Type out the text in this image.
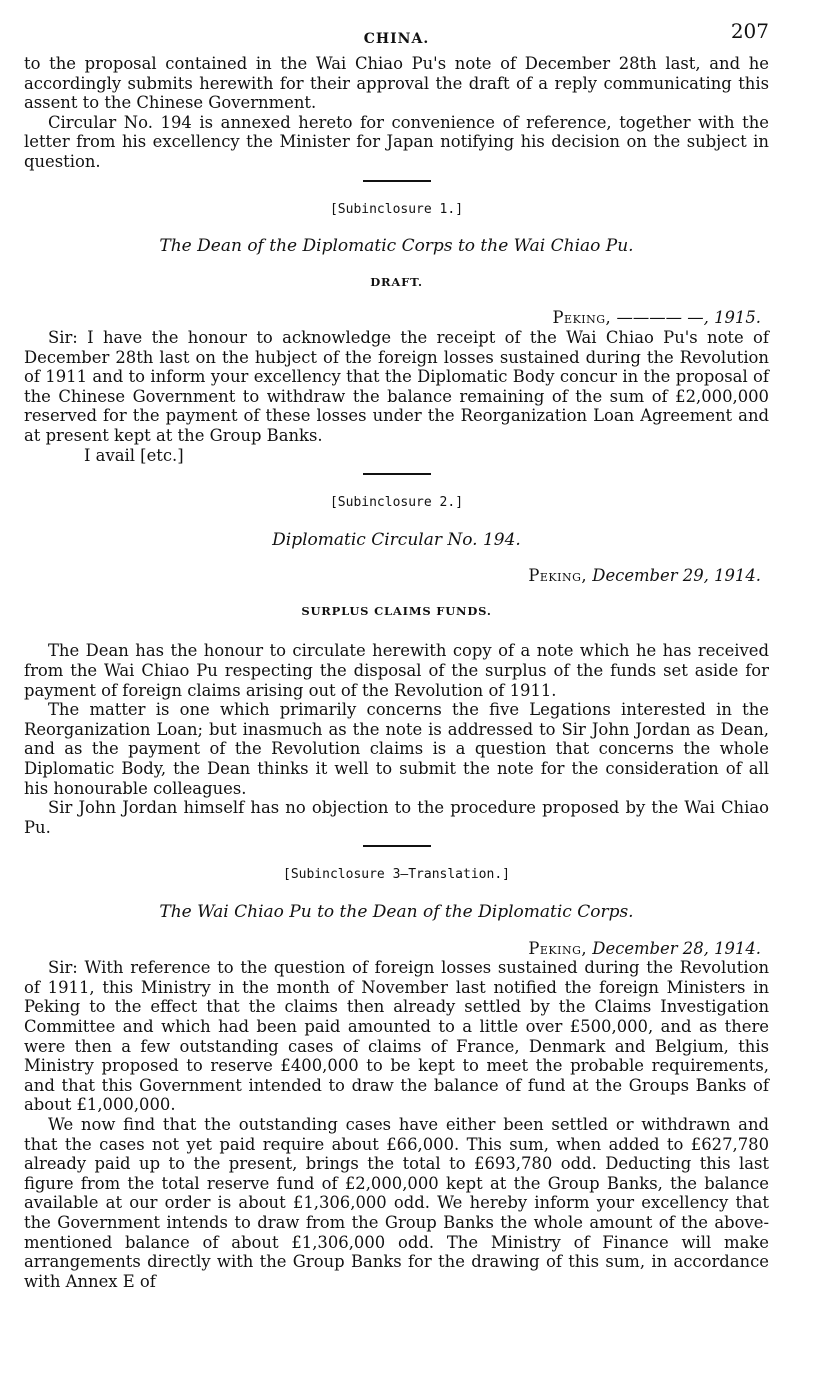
CHINA.	207

to the proposal contained in the Wai Chiao Pu's note of December 28th last, and he accordingly submits herewith for their approval the draft of a reply communicating this assent to the Chinese Government.

Circular No. 194 is annexed hereto for convenience of reference, together with the letter from his excellency the Minister for Japan notifying his decision on the subject in question.

[Subinclosure 1.]
The Dean of the Diplomatic Corps to the Wai Chiao Pu.
DRAFT.
Peking, ———— —, 1915.

Sir: I have the honour to acknowledge the receipt of the Wai Chiao Pu's note of December 28th last on the hubject of the foreign losses sustained during the Revolution of 1911 and to inform your excellency that the Diplomatic Body concur in the proposal of the Chinese Government to withdraw the balance remaining of the sum of £2,000,000 reserved for the payment of these losses under the Reorganization Loan Agreement and at present kept at the Group Banks.

I avail [etc.]

[Subinclosure 2.]
Diplomatic Circular No. 194.
Peking, December 29, 1914.
SURPLUS CLAIMS FUNDS.

The Dean has the honour to circulate herewith copy of a note which he has received from the Wai Chiao Pu respecting the disposal of the surplus of the funds set aside for payment of foreign claims arising out of the Revolution of 1911.

The matter is one which primarily concerns the five Legations interested in the Reorganization Loan; but inasmuch as the note is addressed to Sir John Jordan as Dean, and as the payment of the Revolution claims is a question that concerns the whole Diplomatic Body, the Dean thinks it well to submit the note for the consideration of all his honourable colleagues.

Sir John Jordan himself has no objection to the procedure proposed by the Wai Chiao Pu.

[Subinclosure 3—Translation.]
The Wai Chiao Pu to the Dean of the Diplomatic Corps.
Peking, December 28, 1914.

Sir: With reference to the question of foreign losses sustained during the Revolution of 1911, this Ministry in the month of November last notified the foreign Ministers in Peking to the effect that the claims then already settled by the Claims Investigation Committee and which had been paid amounted to a little over £500,000, and as there were then a few outstanding cases of claims of France, Denmark and Belgium, this Ministry proposed to reserve £400,000 to be kept to meet the probable requirements, and that this Government intended to draw the balance of fund at the Groups Banks of about £1,000,000.

We now find that the outstanding cases have either been settled or withdrawn and that the cases not yet paid require about £66,000. This sum, when added to £627,780 already paid up to the present, brings the total to £693,780 odd. Deducting this last figure from the total reserve fund of £2,000,000 kept at the Group Banks, the balance available at our order is about £1,306,000 odd. We hereby inform your excellency that the Government intends to draw from the Group Banks the whole amount of the above-mentioned balance of about £1,306,000 odd. The Ministry of Finance will make arrangements directly with the Group Banks for the drawing of this sum, in accordance with Annex E of
